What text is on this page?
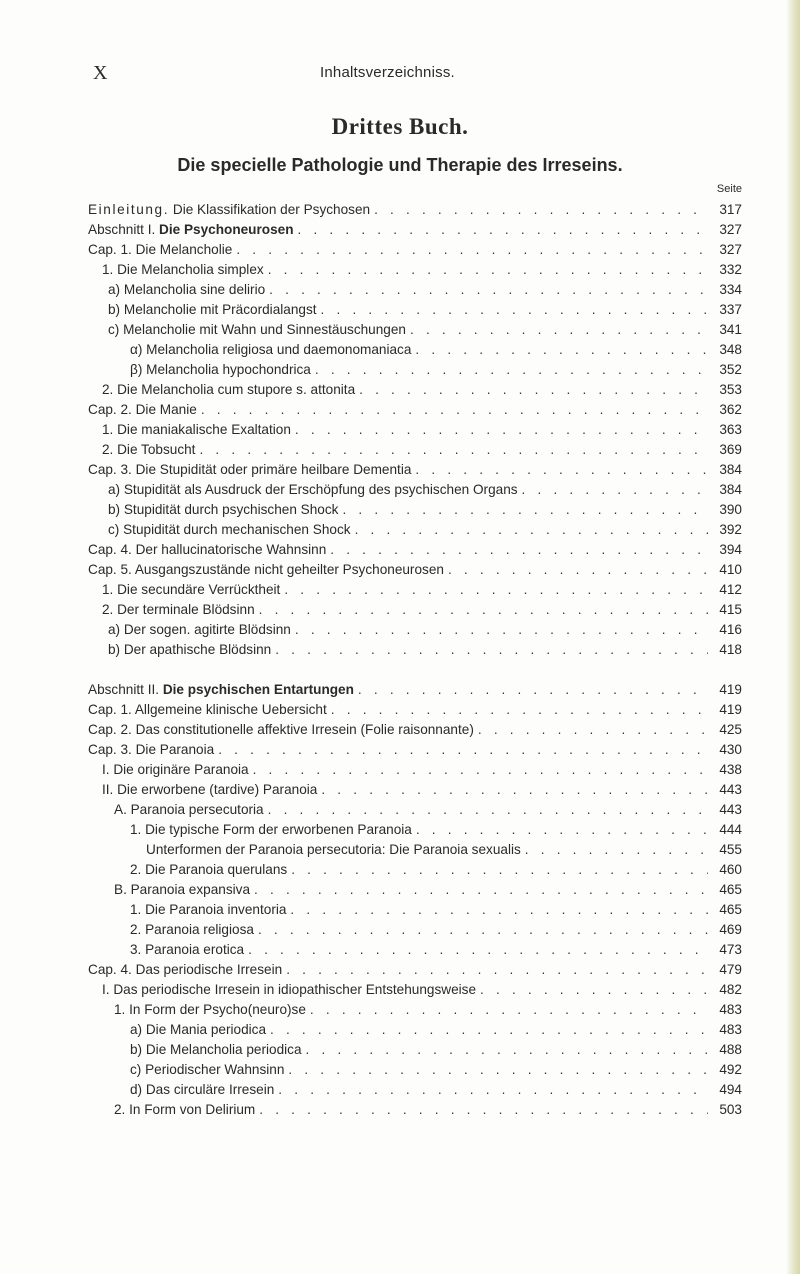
X	Inhaltsverzeichniss.
Drittes Buch.
Die specielle Pathologie und Therapie des Irreseins.
Seite
Einleitung. Die Klassifikation der Psychosen . . .	317
Abschnitt I. Die Psychoneurosen . . .	327
Cap. 1. Die Melancholie . . .	327
1. Die Melancholia simplex . . .	332
a) Melancholia sine delirio . . .	334
b) Melancholie mit Präcordialangst . . .	337
c) Melancholie mit Wahn und Sinnestäuschungen . . .	341
α) Melancholia religiosa und daemonomaniaca . . .	348
β) Melancholia hypochondrica . . .	352
2. Die Melancholia cum stupore s. attonita . . .	353
Cap. 2. Die Manie . . .	362
1. Die maniakalische Exaltation . . .	363
2. Die Tobsucht . . .	369
Cap. 3. Die Stupidität oder primäre heilbare Dementia . . .	384
a) Stupidität als Ausdruck der Erschöpfung des psychischen Organs . . .	384
b) Stupidität durch psychischen Shock . . .	390
c) Stupidität durch mechanischen Shock . . .	392
Cap. 4. Der hallucinatorische Wahnsinn . . .	394
Cap. 5. Ausgangszustände nicht geheilter Psychoneurosen . . .	410
1. Die secundäre Verrücktheit . . .	412
2. Der terminale Blödsinn . . .	415
a) Der sogen. agitirte Blödsinn . . .	416
b) Der apathische Blödsinn . . .	418
Abschnitt II. Die psychischen Entartungen . . .	419
Cap. 1. Allgemeine klinische Uebersicht . . .	419
Cap. 2. Das constitutionelle affektive Irresein (Folie raisonnante) . . .	425
Cap. 3. Die Paranoia . . .	430
I. Die originäre Paranoia . . .	438
II. Die erworbene (tardive) Paranoia . . .	443
A. Paranoia persecutoria . . .	443
1. Die typische Form der erworbenen Paranoia . . .	444
Unterformen der Paranoia persecutoria: Die Paranoia sexualis . . .	455
2. Die Paranoia querulans . . .	460
B. Paranoia expansiva . . .	465
1. Die Paranoia inventoria . . .	465
2. Paranoia religiosa . . .	469
3. Paranoia erotica . . .	473
Cap. 4. Das periodische Irresein . . .	479
I. Das periodische Irresein in idiopathischer Entstehungsweise . . .	482
1. In Form der Psycho(neuro)se . . .	483
a) Die Mania periodica . . .	483
b) Die Melancholia periodica . . .	488
c) Periodischer Wahnsinn . . .	492
d) Das circuläre Irresein . . .	494
2. In Form von Delirium . . .	503
